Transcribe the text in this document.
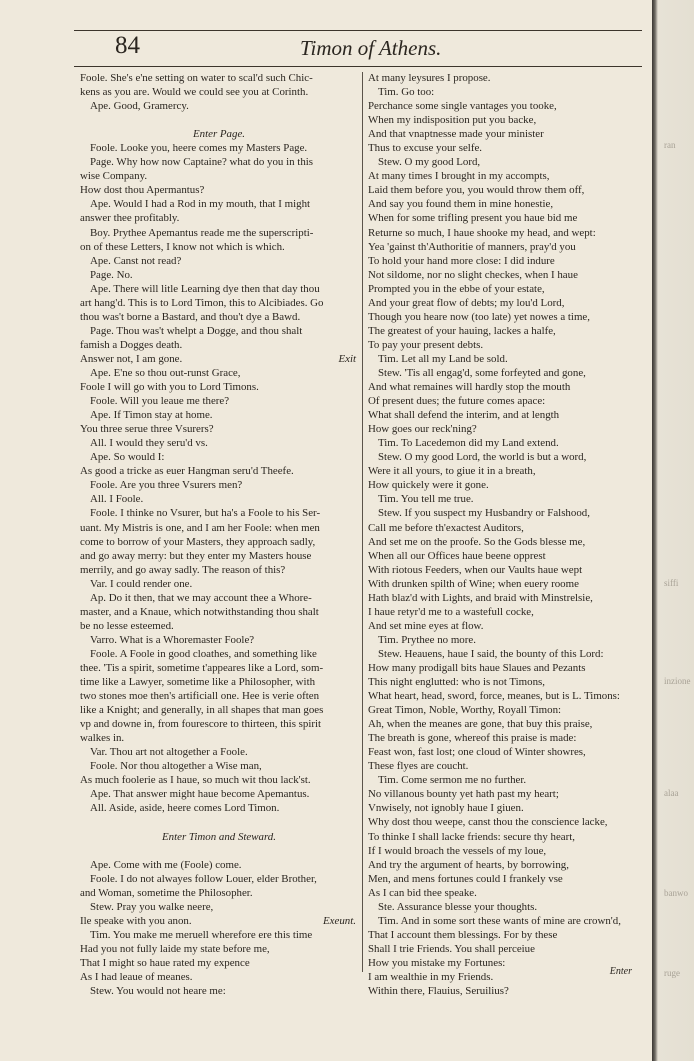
84	Timon of Athens.
Foole. She's e'ne setting on water to scal'd such Chic-
kens as you are. Would we could see you at Corinth.
Ape. Good, Gramercy.
Enter Page.
Foole. Looke you, heere comes my Masters Page.
Page. Why how now Captaine? what do you in this
wise Company.
How dost thou Apermantus?
Ape. Would I had a Rod in my mouth, that I might
answer thee profitably.
Boy. Prythee Apemantus reade me the superscripti-
on of these Letters, I know not which is which.
Ape. Canst not read?
Page. No.
Ape. There will litle Learning dye then that day thou
art hang'd. This is to Lord Timon, this to Alcibiades. Go
thou was't borne a Bastard, and thou't dye a Bawd.
Page. Thou was't whelpt a Dogge, and thou shalt
famish a Dogges death.
Answer not, I am gone.	Exit
Ape. E'ne so thou out-runst Grace,
Foole I will go with you to Lord Timons.
Foole. Will you leaue me there?
Ape. If Timon stay at home.
You three serue three Vsurers?
All. I would they seru'd vs.
Ape. So would I:
As good a tricke as euer Hangman seru'd Theefe.
Foole. Are you three Vsurers men?
All. I Foole.
Foole. I thinke no Vsurer, but ha's a Foole to his Ser-
uant. My Mistris is one, and I am her Foole: when men
come to borrow of your Masters, they approach sadly,
and go away merry: but they enter my Masters house
merrily, and go away sadly. The reason of this?
Var. I could render one.
Ap. Do it then, that we may account thee a Whore-
master, and a Knaue, which notwithstanding thou shalt
be no lesse esteemed.
Varro. What is a Whoremaster Foole?
Foole. A Foole in good cloathes, and something like
thee. 'Tis a spirit, sometime t'appeares like a Lord, som-
time like a Lawyer, sometime like a Philosopher, with
two stones moe then's artificiall one. Hee is verie often
like a Knight; and generally, in all shapes that man goes
vp and downe in, from fourescore to thirteen, this spirit
walkes in.
Var. Thou art not altogether a Foole.
Foole. Nor thou altogether a Wise man,
As much foolerie as I haue, so much wit thou lack'st.
Ape. That answer might haue become Apemantus.
All. Aside, aside, heere comes Lord Timon.
Enter Timon and Steward.
Ape. Come with me (Foole) come.
Foole. I do not alwayes follow Louer, elder Brother,
and Woman, sometime the Philosopher.
Stew. Pray you walke neere,
Ile speake with you anon.	Exeunt.
Tim. You make me meruell wherefore ere this time
Had you not fully laide my state before me,
That I might so haue rated my expence
As I had leaue of meanes.
Stew. You would not heare me:
At many leysures I propose.
Tim. Go too:
Perchance some single vantages you tooke,
When my indisposition put you backe,
And that vnaptnesse made your minister
Thus to excuse your selfe.
Stew. O my good Lord,
At many times I brought in my accompts,
Laid them before you, you would throw them off,
And say you found them in mine honestie,
When for some trifling present you haue bid me
Returne so much, I haue shooke my head, and wept:
Yea 'gainst th'Authoritie of manners, pray'd you
To hold your hand more close: I did indure
Not sildome, nor no slight checkes, when I haue
Prompted you in the ebbe of your estate,
And your great flow of debts; my lou'd Lord,
Though you heare now (too late) yet nowes a time,
The greatest of your hauing, lackes a halfe,
To pay your present debts.
Tim. Let all my Land be sold.
Stew. 'Tis all engag'd, some forfeyted and gone,
And what remaines will hardly stop the mouth
Of present dues; the future comes apace:
What shall defend the interim, and at length
How goes our reck'ning?
Tim. To Lacedemon did my Land extend.
Stew. O my good Lord, the world is but a word,
Were it all yours, to giue it in a breath,
How quickely were it gone.
Tim. You tell me true.
Stew. If you suspect my Husbandry or Falshood,
Call me before th'exactest Auditors,
And set me on the proofe. So the Gods blesse me,
When all our Offices haue beene opprest
With riotous Feeders, when our Vaults haue wept
With drunken spilth of Wine; when euery roome
Hath blaz'd with Lights, and braid with Minstrelsie,
I haue retyr'd me to a wastefull cocke,
And set mine eyes at flow.
Tim. Prythee no more.
Stew. Heauens, haue I said, the bounty of this Lord:
How many prodigall bits haue Slaues and Pezants
This night englutted: who is not Timons,
What heart, head, sword, force, meanes, but is L. Timons:
Great Timon, Noble, Worthy, Royall Timon:
Ah, when the meanes are gone, that buy this praise,
The breath is gone, whereof this praise is made:
Feast won, fast lost; one cloud of Winter showres,
These flyes are coucht.
Tim. Come sermon me no further.
No villanous bounty yet hath past my heart;
Vnwisely, not ignobly haue I giuen.
Why dost thou weepe, canst thou the conscience lacke,
To thinke I shall lacke friends: secure thy heart,
If I would broach the vessels of my loue,
And try the argument of hearts, by borrowing,
Men, and mens fortunes could I frankely vse
As I can bid thee speake.
Ste. Assurance blesse your thoughts.
Tim. And in some sort these wants of mine are crown'd,
That I account them blessings. For by these
Shall I trie Friends. You shall perceiue
How you mistake my Fortunes:
I am wealthie in my Friends.
Within there, Flauius, Seruilius?
Enter
ran
siffi
inzione
alaa
banwo
ruge
